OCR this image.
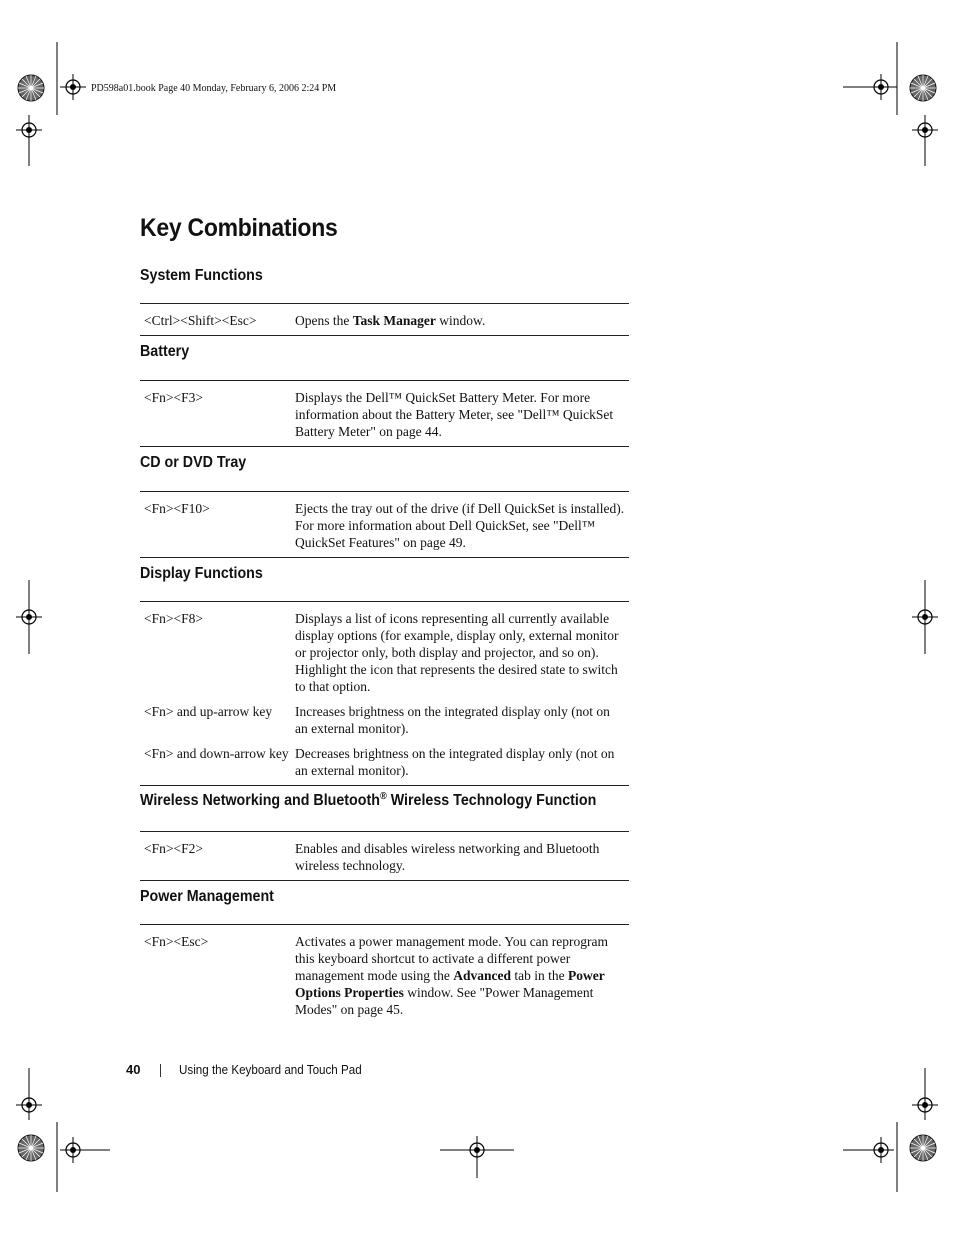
PD598a01.book Page 40 Monday, February 6, 2006 2:24 PM
Key Combinations
System Functions
<Ctrl><Shift><Esc>	Opens the Task Manager window.
Battery
<Fn><F3>	Displays the Dell™ QuickSet Battery Meter. For more information about the Battery Meter, see "Dell™ QuickSet Battery Meter" on page 44.
CD or DVD Tray
<Fn><F10>	Ejects the tray out of the drive (if Dell QuickSet is installed). For more information about Dell QuickSet, see "Dell™ QuickSet Features" on page 49.
Display Functions
<Fn><F8>	Displays a list of icons representing all currently available display options (for example, display only, external monitor or projector only, both display and projector, and so on). Highlight the icon that represents the desired state to switch to that option.
<Fn> and up-arrow key	Increases brightness on the integrated display only (not on an external monitor).
<Fn> and down-arrow key	Decreases brightness on the integrated display only (not on an external monitor).
Wireless Networking and Bluetooth® Wireless Technology Function
<Fn><F2>	Enables and disables wireless networking and Bluetooth wireless technology.
Power Management
<Fn><Esc>	Activates a power management mode. You can reprogram this keyboard shortcut to activate a different power management mode using the Advanced tab in the Power Options Properties window. See "Power Management Modes" on page 45.
40	Using the Keyboard and Touch Pad
